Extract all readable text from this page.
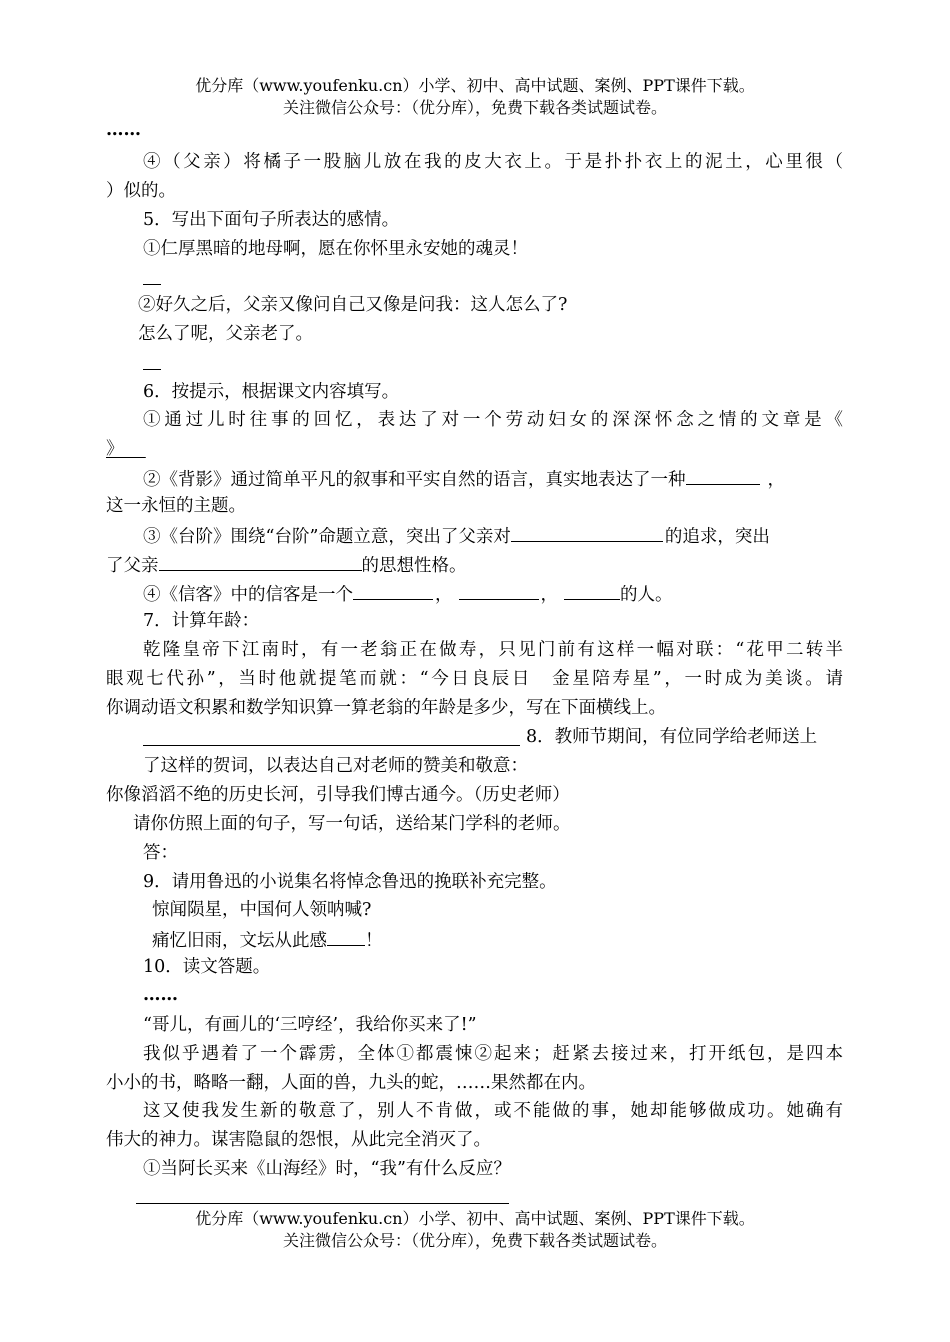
优分库（www.youfenku.cn）小学、初中、高中试题、案例、PPT课件下载。

关注微信公众号：（优分库），免费下载各类试题试卷。

……

④（父亲）将橘子一股脑儿放在我的皮大衣上。于是扑扑衣上的泥土，心里很（

）似的。

5．写出下面句子所表达的感情。

①仁厚黑暗的地母啊，愿在你怀里永安她的魂灵！

②好久之后，父亲又像问自己又像是问我：这人怎么了?

怎么了呢，父亲老了。

6．按提示，根据课文内容填写。

①通过儿时往事的回忆，表达了对一个劳动妇女的深深怀念之情的文章是《

》

②《背影》通过简单平凡的叙事和平实自然的语言，真实地表达了一种	，

这一永恒的主题。

③《台阶》围绕“台阶”命题立意，突出了父亲对	的追求，突出

了父亲	的思想性格。

④《信客》中的信客是一个	，	，	的人。

7．计算年龄：

乾隆皇帝下江南时，有一老翁正在做寿，只见门前有这样一幅对联：“花甲二转半

眼观七代孙”，当时他就提笔而就：“今日良辰日　金星陪寿星”，一时成为美谈。请

你调动语文积累和数学知识算一算老翁的年龄是多少，写在下面横线上。

8．教师节期间，有位同学给老师送上

了这样的贺词，以表达自己对老师的赞美和敬意：

你像滔滔不绝的历史长河，引导我们博古通今。（历史老师）

请你仿照上面的句子，写一句话，送给某门学科的老师。

答：

9．请用鲁迅的小说集名将悼念鲁迅的挽联补充完整。

惊闻陨星，中国何人领呐喊?

痛忆旧雨，文坛从此感 ！

10．读文答题。

……

“哥儿，有画儿的‘三哼经’，我给你买来了!”

我似乎遇着了一个霹雳，全体①都震悚②起来；赶紧去接过来，打开纸包，是四本

小小的书，略略一翻，人面的兽，九头的蛇，……果然都在内。

这又使我发生新的敬意了，别人不肯做，或不能做的事，她却能够做成功。她确有

伟大的神力。谋害隐鼠的怨恨，从此完全消灭了。

①当阿长买来《山海经》时，“我”有什么反应？

优分库（www.youfenku.cn）小学、初中、高中试题、案例、PPT课件下载。

关注微信公众号：（优分库），免费下载各类试题试卷。
